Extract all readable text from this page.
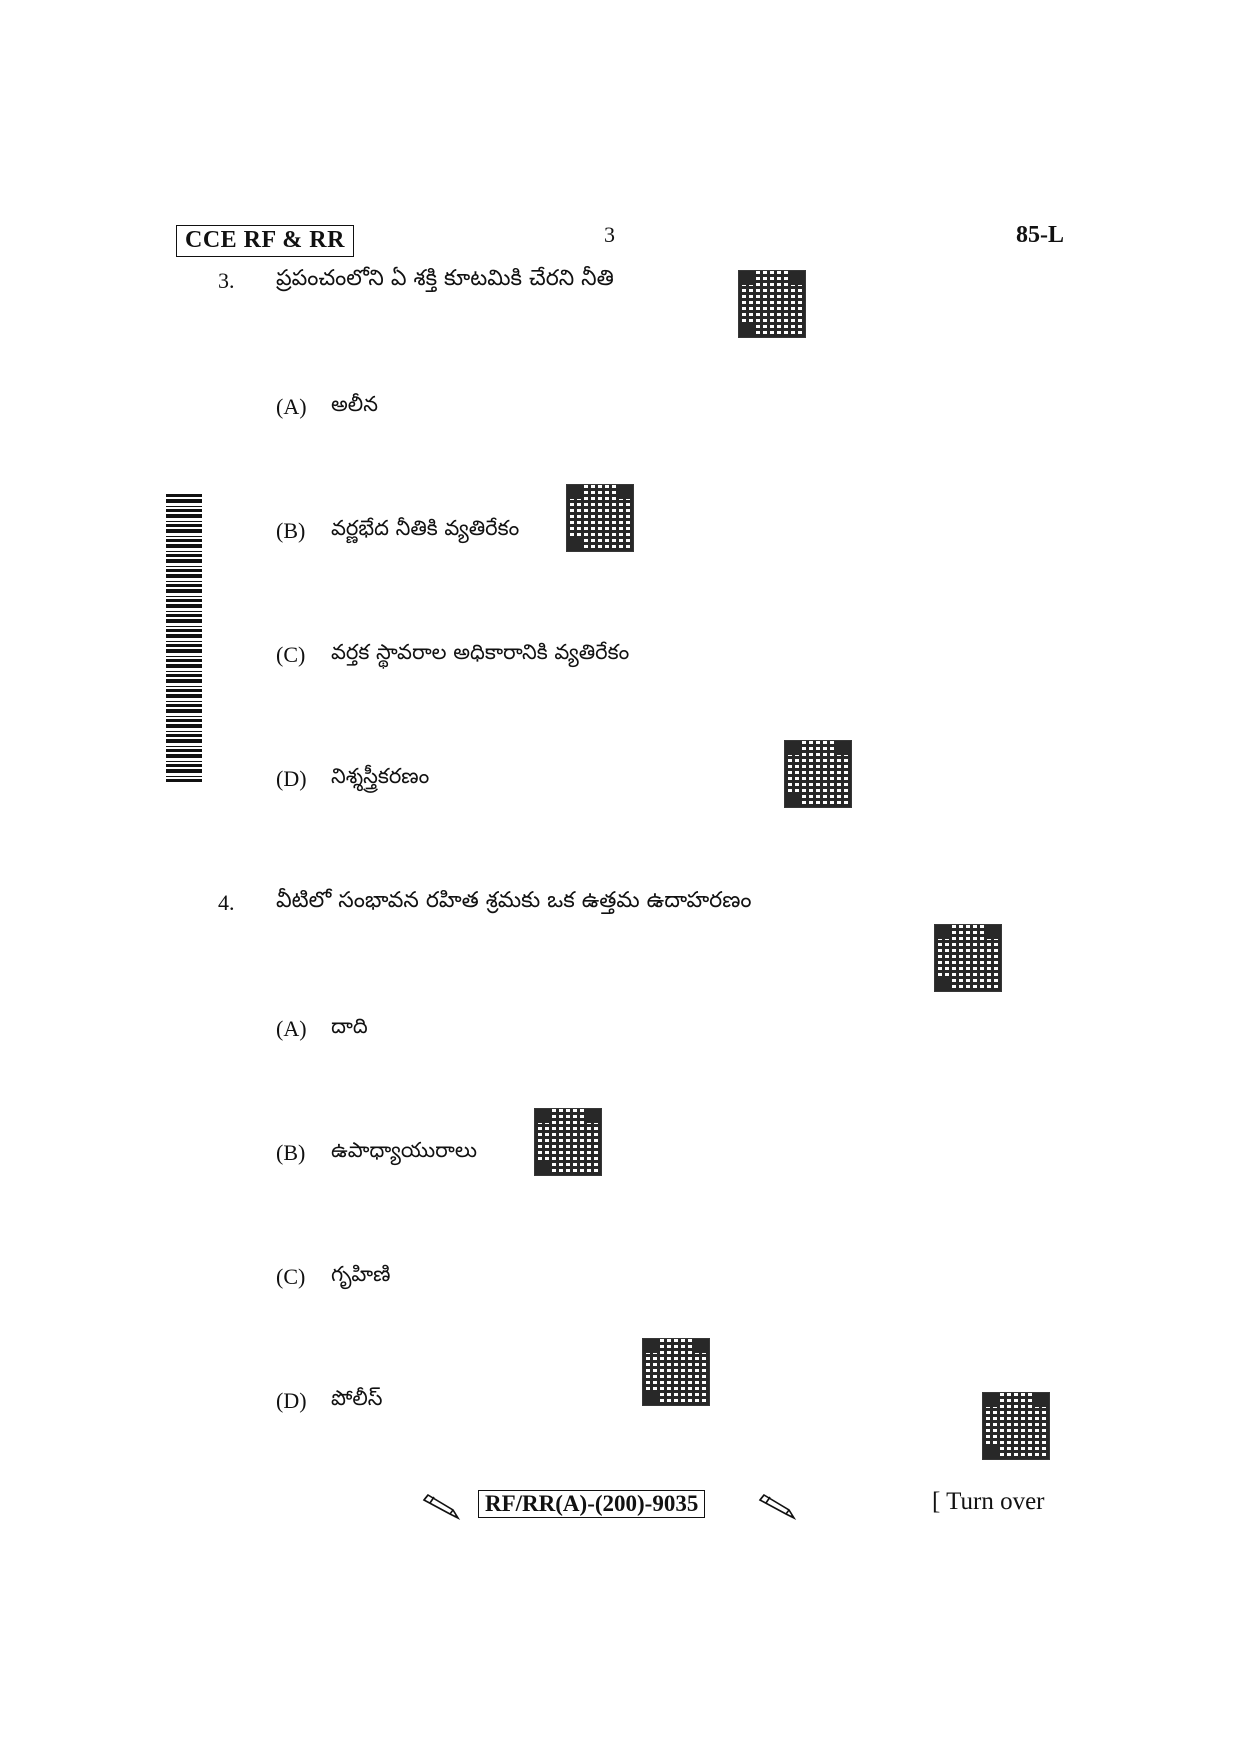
CCE RF & RR	3	85-L
3. ప్రపంచంలోని ఏ శక్తి కూటమికి చేరని నీతి
(A)	అలీన
(B)	వర్ణభేద నీతికి వ్యతిరేకం
(C)	వర్తక స్థావరాల అధికారానికి వ్యతిరేకం
(D)	నిశ్శస్త్రీకరణం
4. వీటిలో సంభావన రహిత శ్రమకు ఒక ఉత్తమ ఉదాహరణం
(A)	దాది
(B)	ఉపాధ్యాయురాలు
(C)	గృహిణి
(D)	పోలీస్
RF/RR(A)-(200)-9035	[ Turn over
